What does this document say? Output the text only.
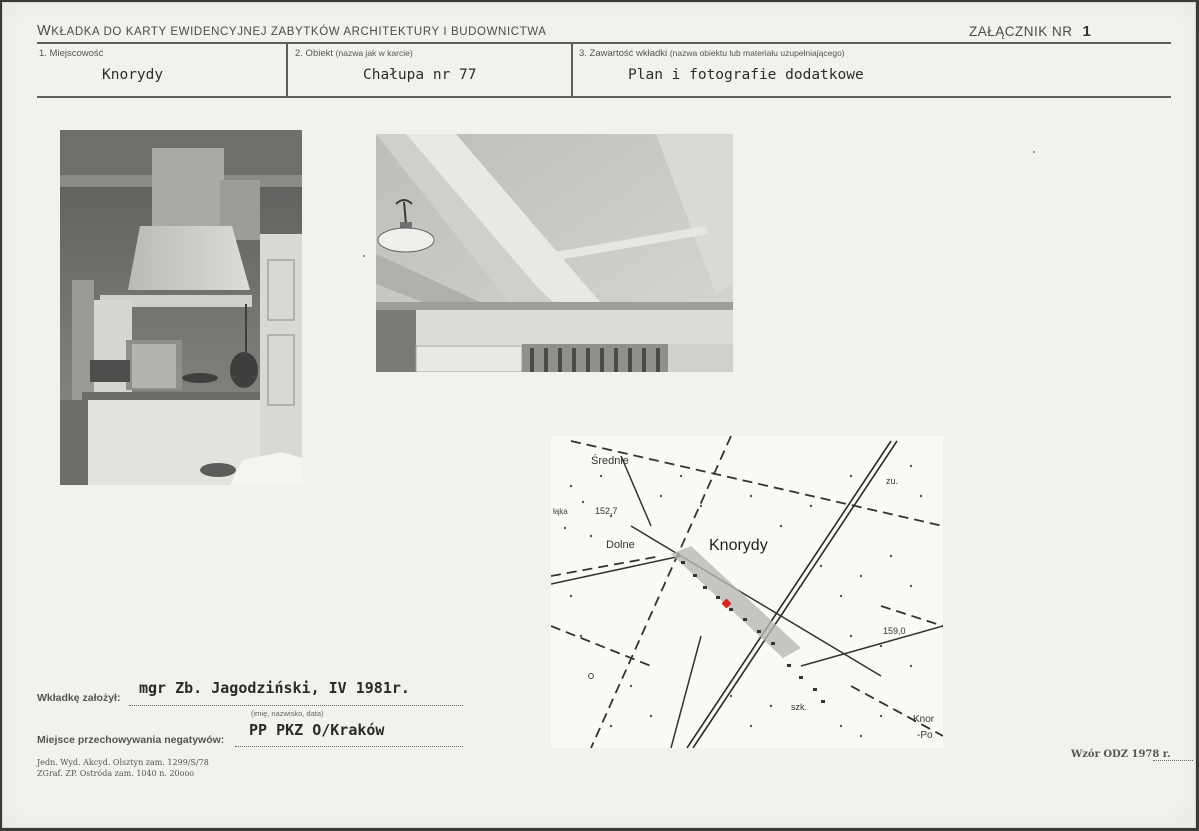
WKŁADKA DO KARTY EWIDENCYJNEJ ZABYTKÓW ARCHITEKTURY I BUDOWNICTWA	ZAŁĄCZNIK NR 1
1. Miejscowość
Knorydy
2. Obiekt (nazwa jak w karcie)
Chałupa nr 77
3. Zawartość wkładki (nazwa obiektu lub materiału uzupełniającego)
Plan i fotografie dodatkowe
Średnie
Dolne	Knorydy
152,7
159,0
szk.
zu.
Knor
-Po
łąka
Wkładkę założył:
mgr Zb. Jagodziński, IV 1981r.
(imię, nazwisko, data)
Miejsce przechowywania negatywów:
PP PKZ O/Kraków
Jedn. Wyd. Akcyd. Olsztyn zam. 1299/S/78
ZGraf. ZP. Ostróda zam. 1040 n. 20ooo
Wzór ODZ 1978 r.
